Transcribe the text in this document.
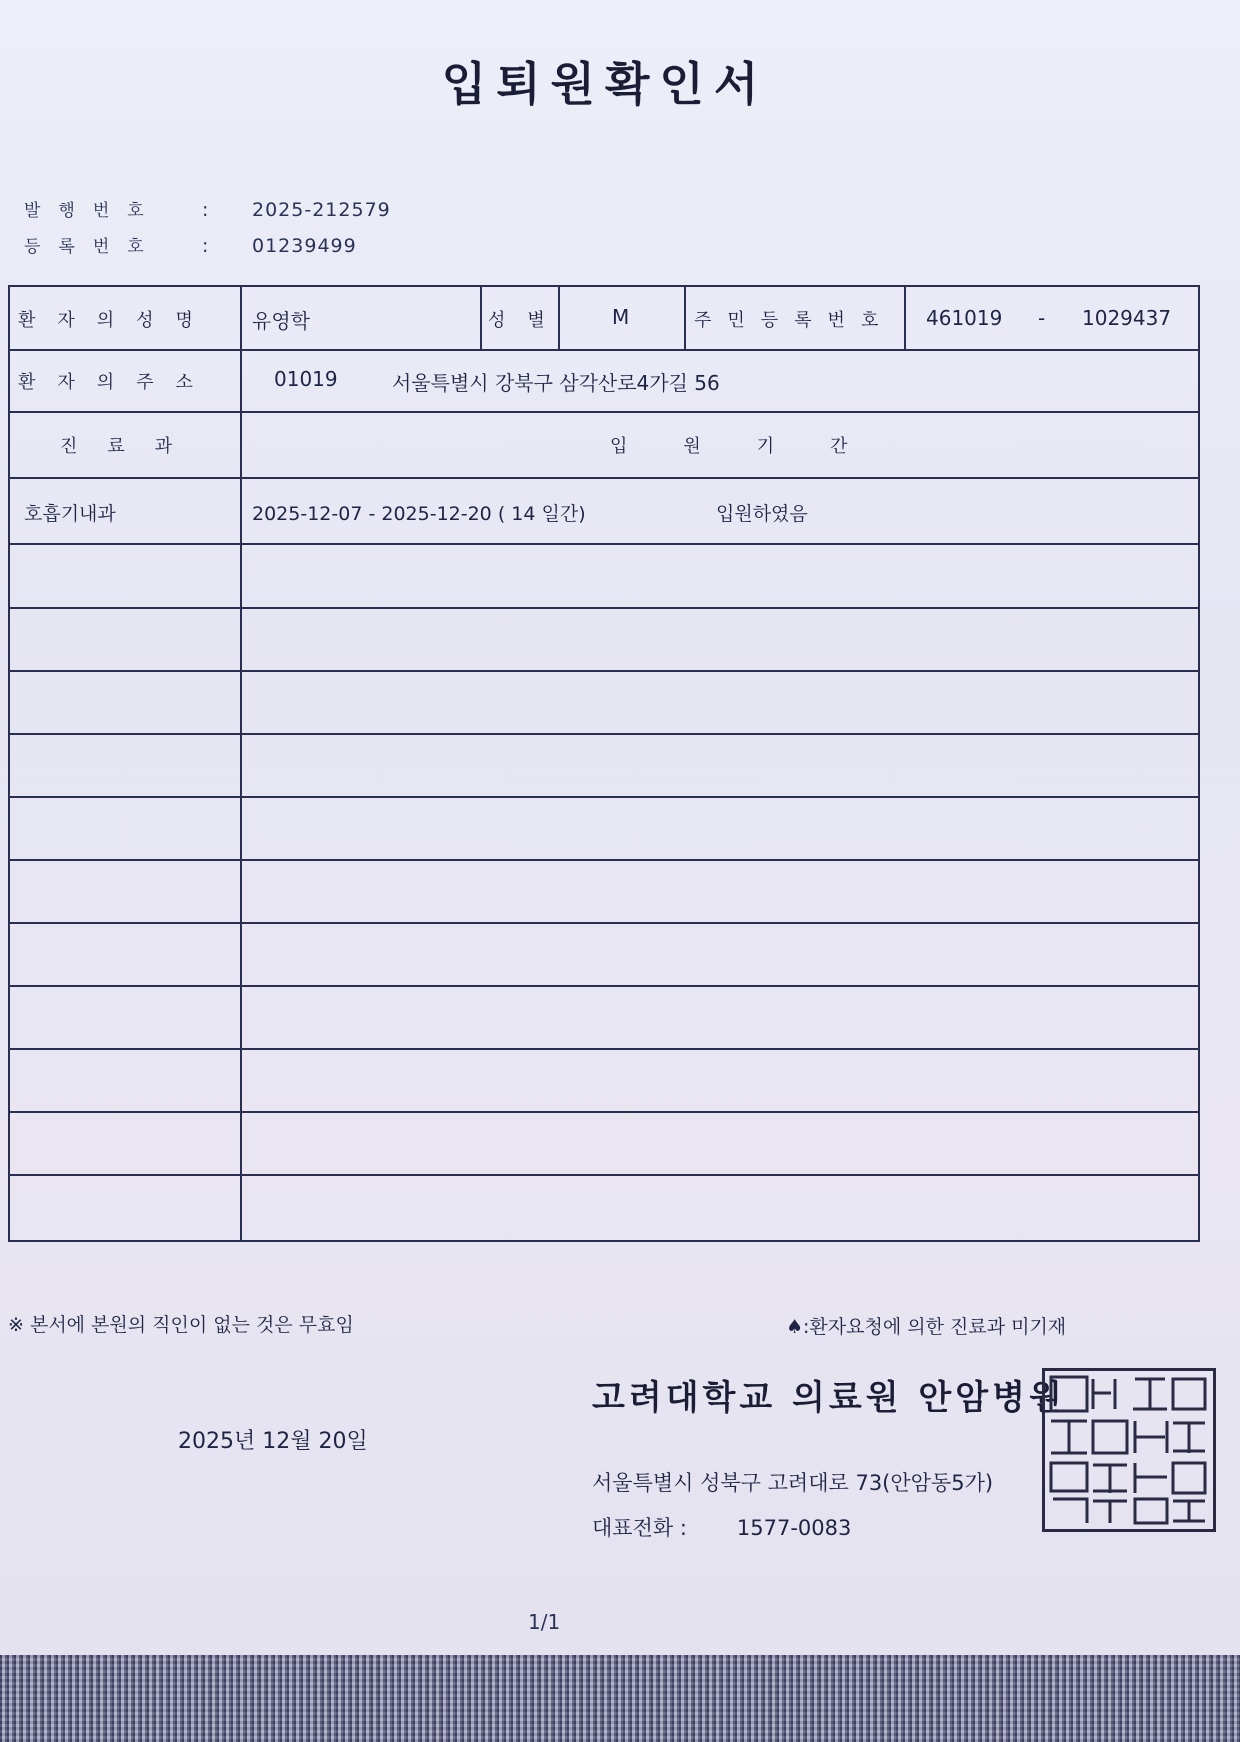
입퇴원확인서
발행번호 : 2025-212579
등록번호 : 01239499
환자의성명 유영학	성별 M	주민등록번호 461019 - 1029437
환자의주소	01019	서울특별시 강북구 삼각산로4가길 56
진료과	입원기간
호흡기내과	2025-12-07 - 2025-12-20 ( 14 일간)	입원하였음
※ 본서에 본원의 직인이 없는 것은 무효임	♠:환자요청에 의한 진료과 미기재
고려대학교 의료원 안암병원
2025년 12월 20일
서울특별시 성북구 고려대로 73(안암동5가)
대표전화 : 1577-0083
1/1
